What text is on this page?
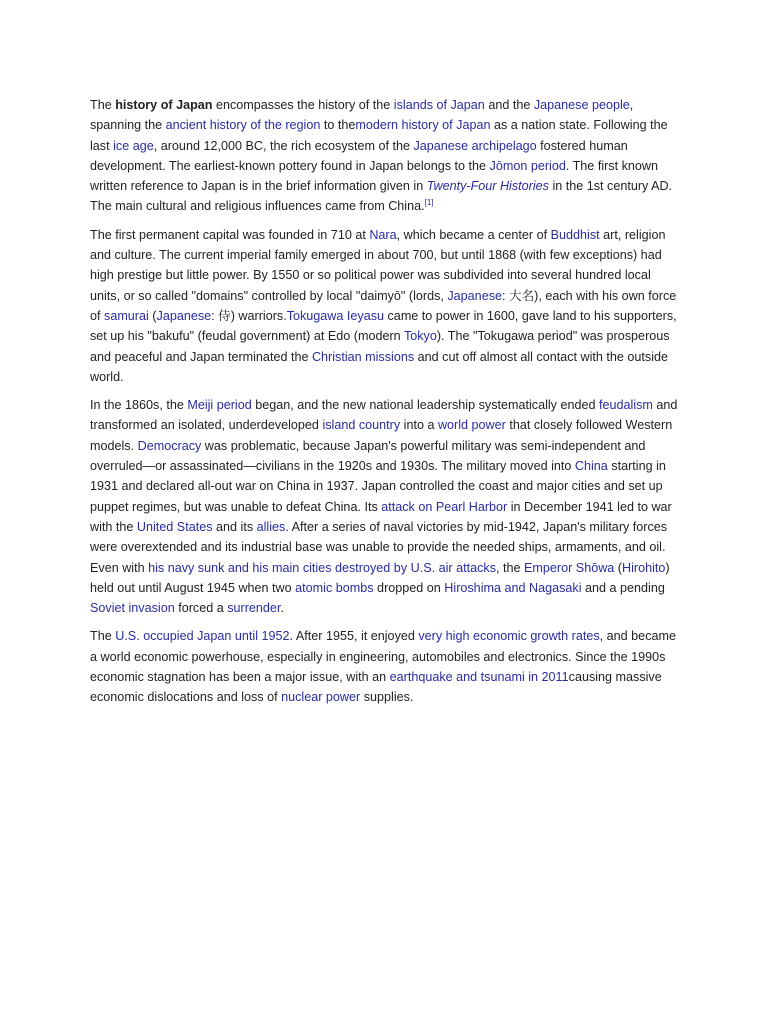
The history of Japan encompasses the history of the islands of Japan and the Japanese people, spanning the ancient history of the region to themodern history of Japan as a nation state. Following the last ice age, around 12,000 BC, the rich ecosystem of the Japanese archipelago fostered human development. The earliest-known pottery found in Japan belongs to the Jōmon period. The first known written reference to Japan is in the brief information given in Twenty-Four Histories in the 1st century AD. The main cultural and religious influences came from China.[1]

The first permanent capital was founded in 710 at Nara, which became a center of Buddhist art, religion and culture. The current imperial family emerged in about 700, but until 1868 (with few exceptions) had high prestige but little power. By 1550 or so political power was subdivided into several hundred local units, or so called "domains" controlled by local "daimyō" (lords, Japanese: 大名), each with his own force of samurai (Japanese: 侍) warriors.Tokugawa Ieyasu came to power in 1600, gave land to his supporters, set up his "bakufu" (feudal government) at Edo (modern Tokyo). The "Tokugawa period" was prosperous and peaceful and Japan terminated the Christian missions and cut off almost all contact with the outside world.

In the 1860s, the Meiji period began, and the new national leadership systematically ended feudalism and transformed an isolated, underdeveloped island country into a world power that closely followed Western models. Democracy was problematic, because Japan's powerful military was semi-independent and overruled—or assassinated—civilians in the 1920s and 1930s. The military moved into China starting in 1931 and declared all-out war on China in 1937. Japan controlled the coast and major cities and set up puppet regimes, but was unable to defeat China. Its attack on Pearl Harbor in December 1941 led to war with the United States and its allies. After a series of naval victories by mid-1942, Japan's military forces were overextended and its industrial base was unable to provide the needed ships, armaments, and oil. Even with his navy sunk and his main cities destroyed by U.S. air attacks, the Emperor Shōwa (Hirohito) held out until August 1945 when two atomic bombs dropped on Hiroshima and Nagasaki and a pending Soviet invasion forced a surrender.

The U.S. occupied Japan until 1952. After 1955, it enjoyed very high economic growth rates, and became a world economic powerhouse, especially in engineering, automobiles and electronics. Since the 1990s economic stagnation has been a major issue, with an earthquake and tsunami in 2011causing massive economic dislocations and loss of nuclear power supplies.
